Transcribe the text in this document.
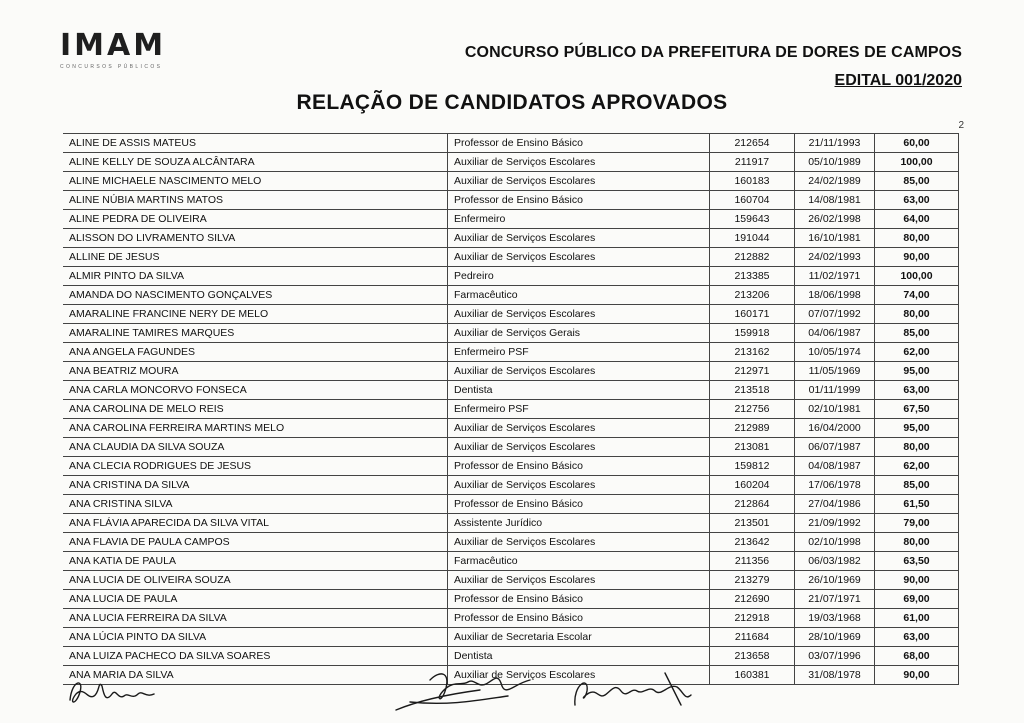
IMAM
CONCURSOS PÚBLICOS
CONCURSO PÚBLICO DA PREFEITURA DE DORES DE CAMPOS
EDITAL 001/2020
RELAÇÃO DE CANDIDATOS APROVADOS
2
ALINE DE ASSIS MATEUS	Professor de Ensino Básico	212654	21/11/1993	60,00
ALINE KELLY DE SOUZA ALCÂNTARA	Auxiliar de Serviços Escolares	211917	05/10/1989	100,00
ALINE MICHAELE NASCIMENTO MELO	Auxiliar de Serviços Escolares	160183	24/02/1989	85,00
ALINE NÚBIA MARTINS MATOS	Professor de Ensino Básico	160704	14/08/1981	63,00
ALINE PEDRA DE OLIVEIRA	Enfermeiro	159643	26/02/1998	64,00
ALISSON DO LIVRAMENTO SILVA	Auxiliar de Serviços Escolares	191044	16/10/1981	80,00
ALLINE DE JESUS	Auxiliar de Serviços Escolares	212882	24/02/1993	90,00
ALMIR PINTO DA SILVA	Pedreiro	213385	11/02/1971	100,00
AMANDA DO NASCIMENTO GONÇALVES	Farmacêutico	213206	18/06/1998	74,00
AMARALINE FRANCINE NERY DE MELO	Auxiliar de Serviços Escolares	160171	07/07/1992	80,00
AMARALINE TAMIRES MARQUES	Auxiliar de Serviços Gerais	159918	04/06/1987	85,00
ANA ANGELA FAGUNDES	Enfermeiro PSF	213162	10/05/1974	62,00
ANA BEATRIZ MOURA	Auxiliar de Serviços Escolares	212971	11/05/1969	95,00
ANA CARLA MONCORVO FONSECA	Dentista	213518	01/11/1999	63,00
ANA CAROLINA DE MELO REIS	Enfermeiro PSF	212756	02/10/1981	67,50
ANA CAROLINA FERREIRA MARTINS MELO	Auxiliar de Serviços Escolares	212989	16/04/2000	95,00
ANA CLAUDIA DA SILVA SOUZA	Auxiliar de Serviços Escolares	213081	06/07/1987	80,00
ANA CLECIA RODRIGUES DE JESUS	Professor de Ensino Básico	159812	04/08/1987	62,00
ANA CRISTINA DA SILVA	Auxiliar de Serviços Escolares	160204	17/06/1978	85,00
ANA CRISTINA SILVA	Professor de Ensino Básico	212864	27/04/1986	61,50
ANA FLÁVIA APARECIDA DA SILVA VITAL	Assistente Jurídico	213501	21/09/1992	79,00
ANA FLAVIA DE PAULA CAMPOS	Auxiliar de Serviços Escolares	213642	02/10/1998	80,00
ANA KATIA DE PAULA	Farmacêutico	211356	06/03/1982	63,50
ANA LUCIA DE OLIVEIRA SOUZA	Auxiliar de Serviços Escolares	213279	26/10/1969	90,00
ANA LUCIA DE PAULA	Professor de Ensino Básico	212690	21/07/1971	69,00
ANA LUCIA FERREIRA DA SILVA	Professor de Ensino Básico	212918	19/03/1968	61,00
ANA LÚCIA PINTO DA SILVA	Auxiliar de Secretaria Escolar	211684	28/10/1969	63,00
ANA LUIZA PACHECO DA SILVA SOARES	Dentista	213658	03/07/1996	68,00
ANA MARIA DA SILVA	Auxiliar de Serviços Escolares	160381	31/08/1978	90,00
